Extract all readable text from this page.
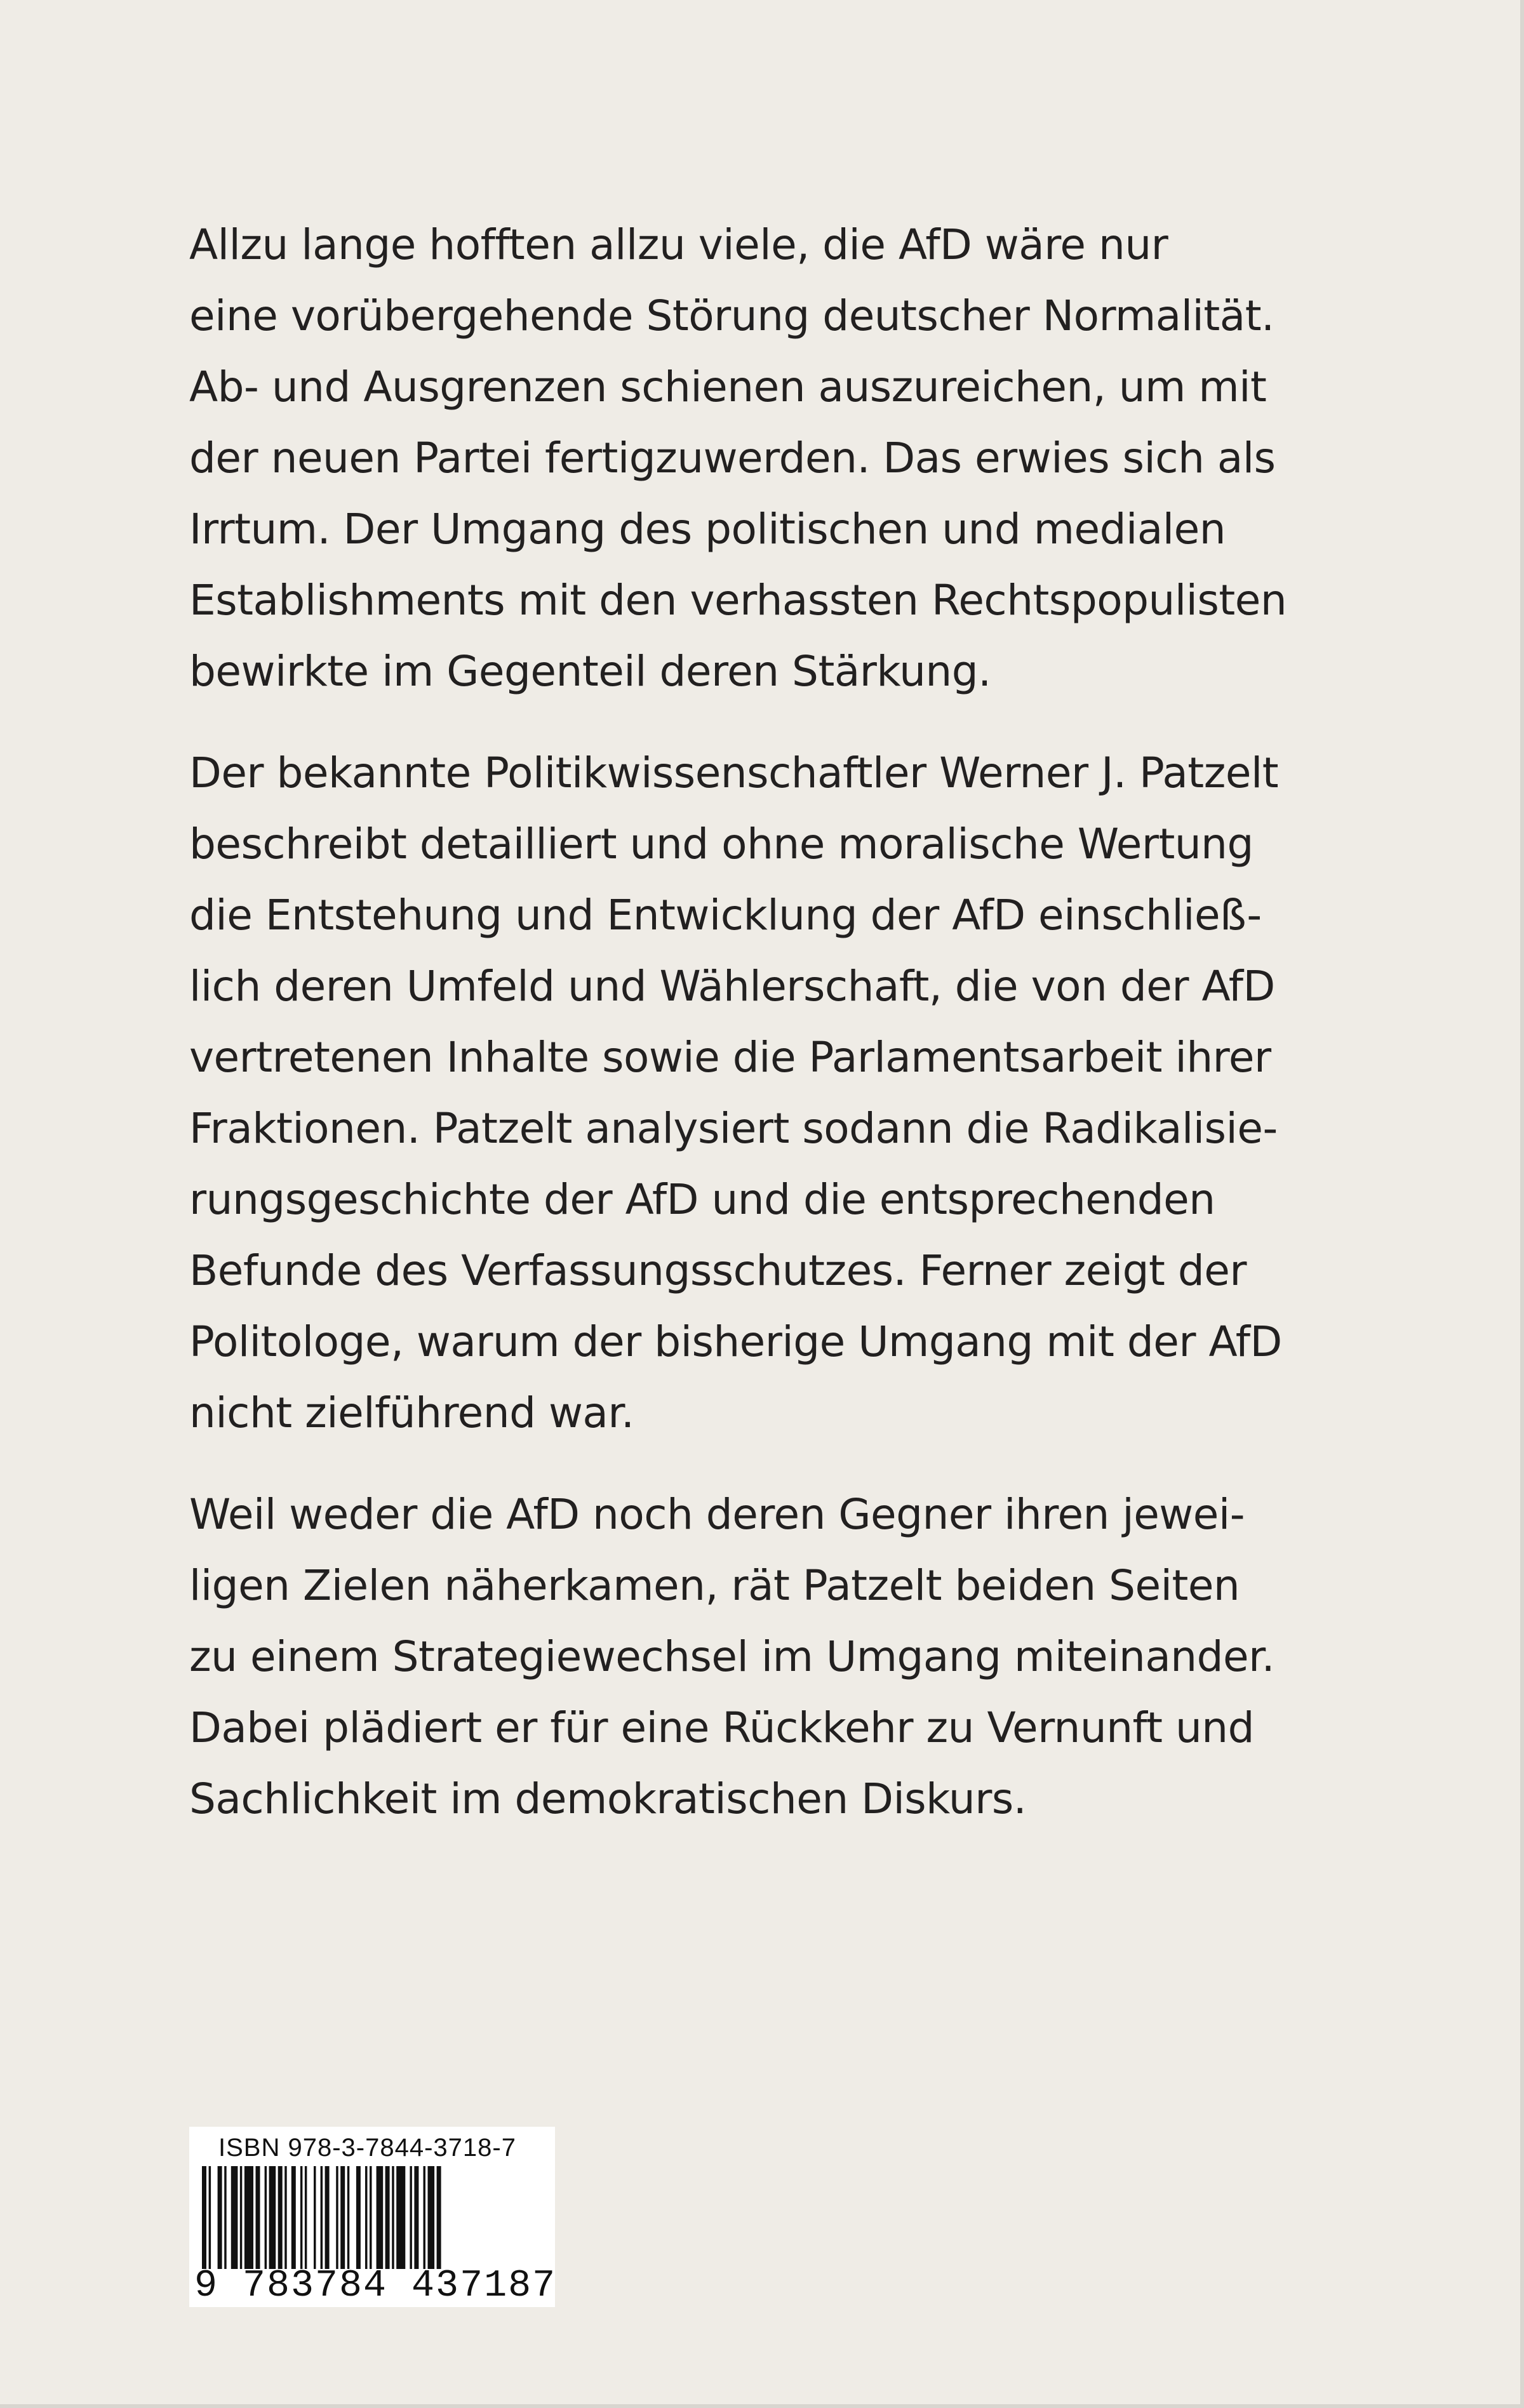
Allzu lange hofften allzu viele, die AfD wäre nur
eine vorübergehende Störung deutscher Normalität.
Ab- und Ausgrenzen schienen auszureichen, um mit
der neuen Partei fertigzuwerden. Das erwies sich als
Irrtum. Der Umgang des politischen und medialen
Establishments mit den verhassten Rechtspopulisten
bewirkte im Gegenteil deren Stärkung.

Der bekannte Politikwissenschaftler Werner J. Patzelt
beschreibt detailliert und ohne moralische Wertung
die Entstehung und Entwicklung der AfD einschließ-
lich deren Umfeld und Wählerschaft, die von der AfD
vertretenen Inhalte sowie die Parlamentsarbeit ihrer
Fraktionen. Patzelt analysiert sodann die Radikalisie-
rungsgeschichte der AfD und die entsprechenden
Befunde des Verfassungsschutzes. Ferner zeigt der
Politologe, warum der bisherige Umgang mit der AfD
nicht zielführend war.

Weil weder die AfD noch deren Gegner ihren jewei-
ligen Zielen näherkamen, rät Patzelt beiden Seiten
zu einem Strategiewechsel im Umgang miteinander.
Dabei plädiert er für eine Rückkehr zu Vernunft und
Sachlichkeit im demokratischen Diskurs.

ISBN 978-3-7844-3718-7
9 783784 437187
